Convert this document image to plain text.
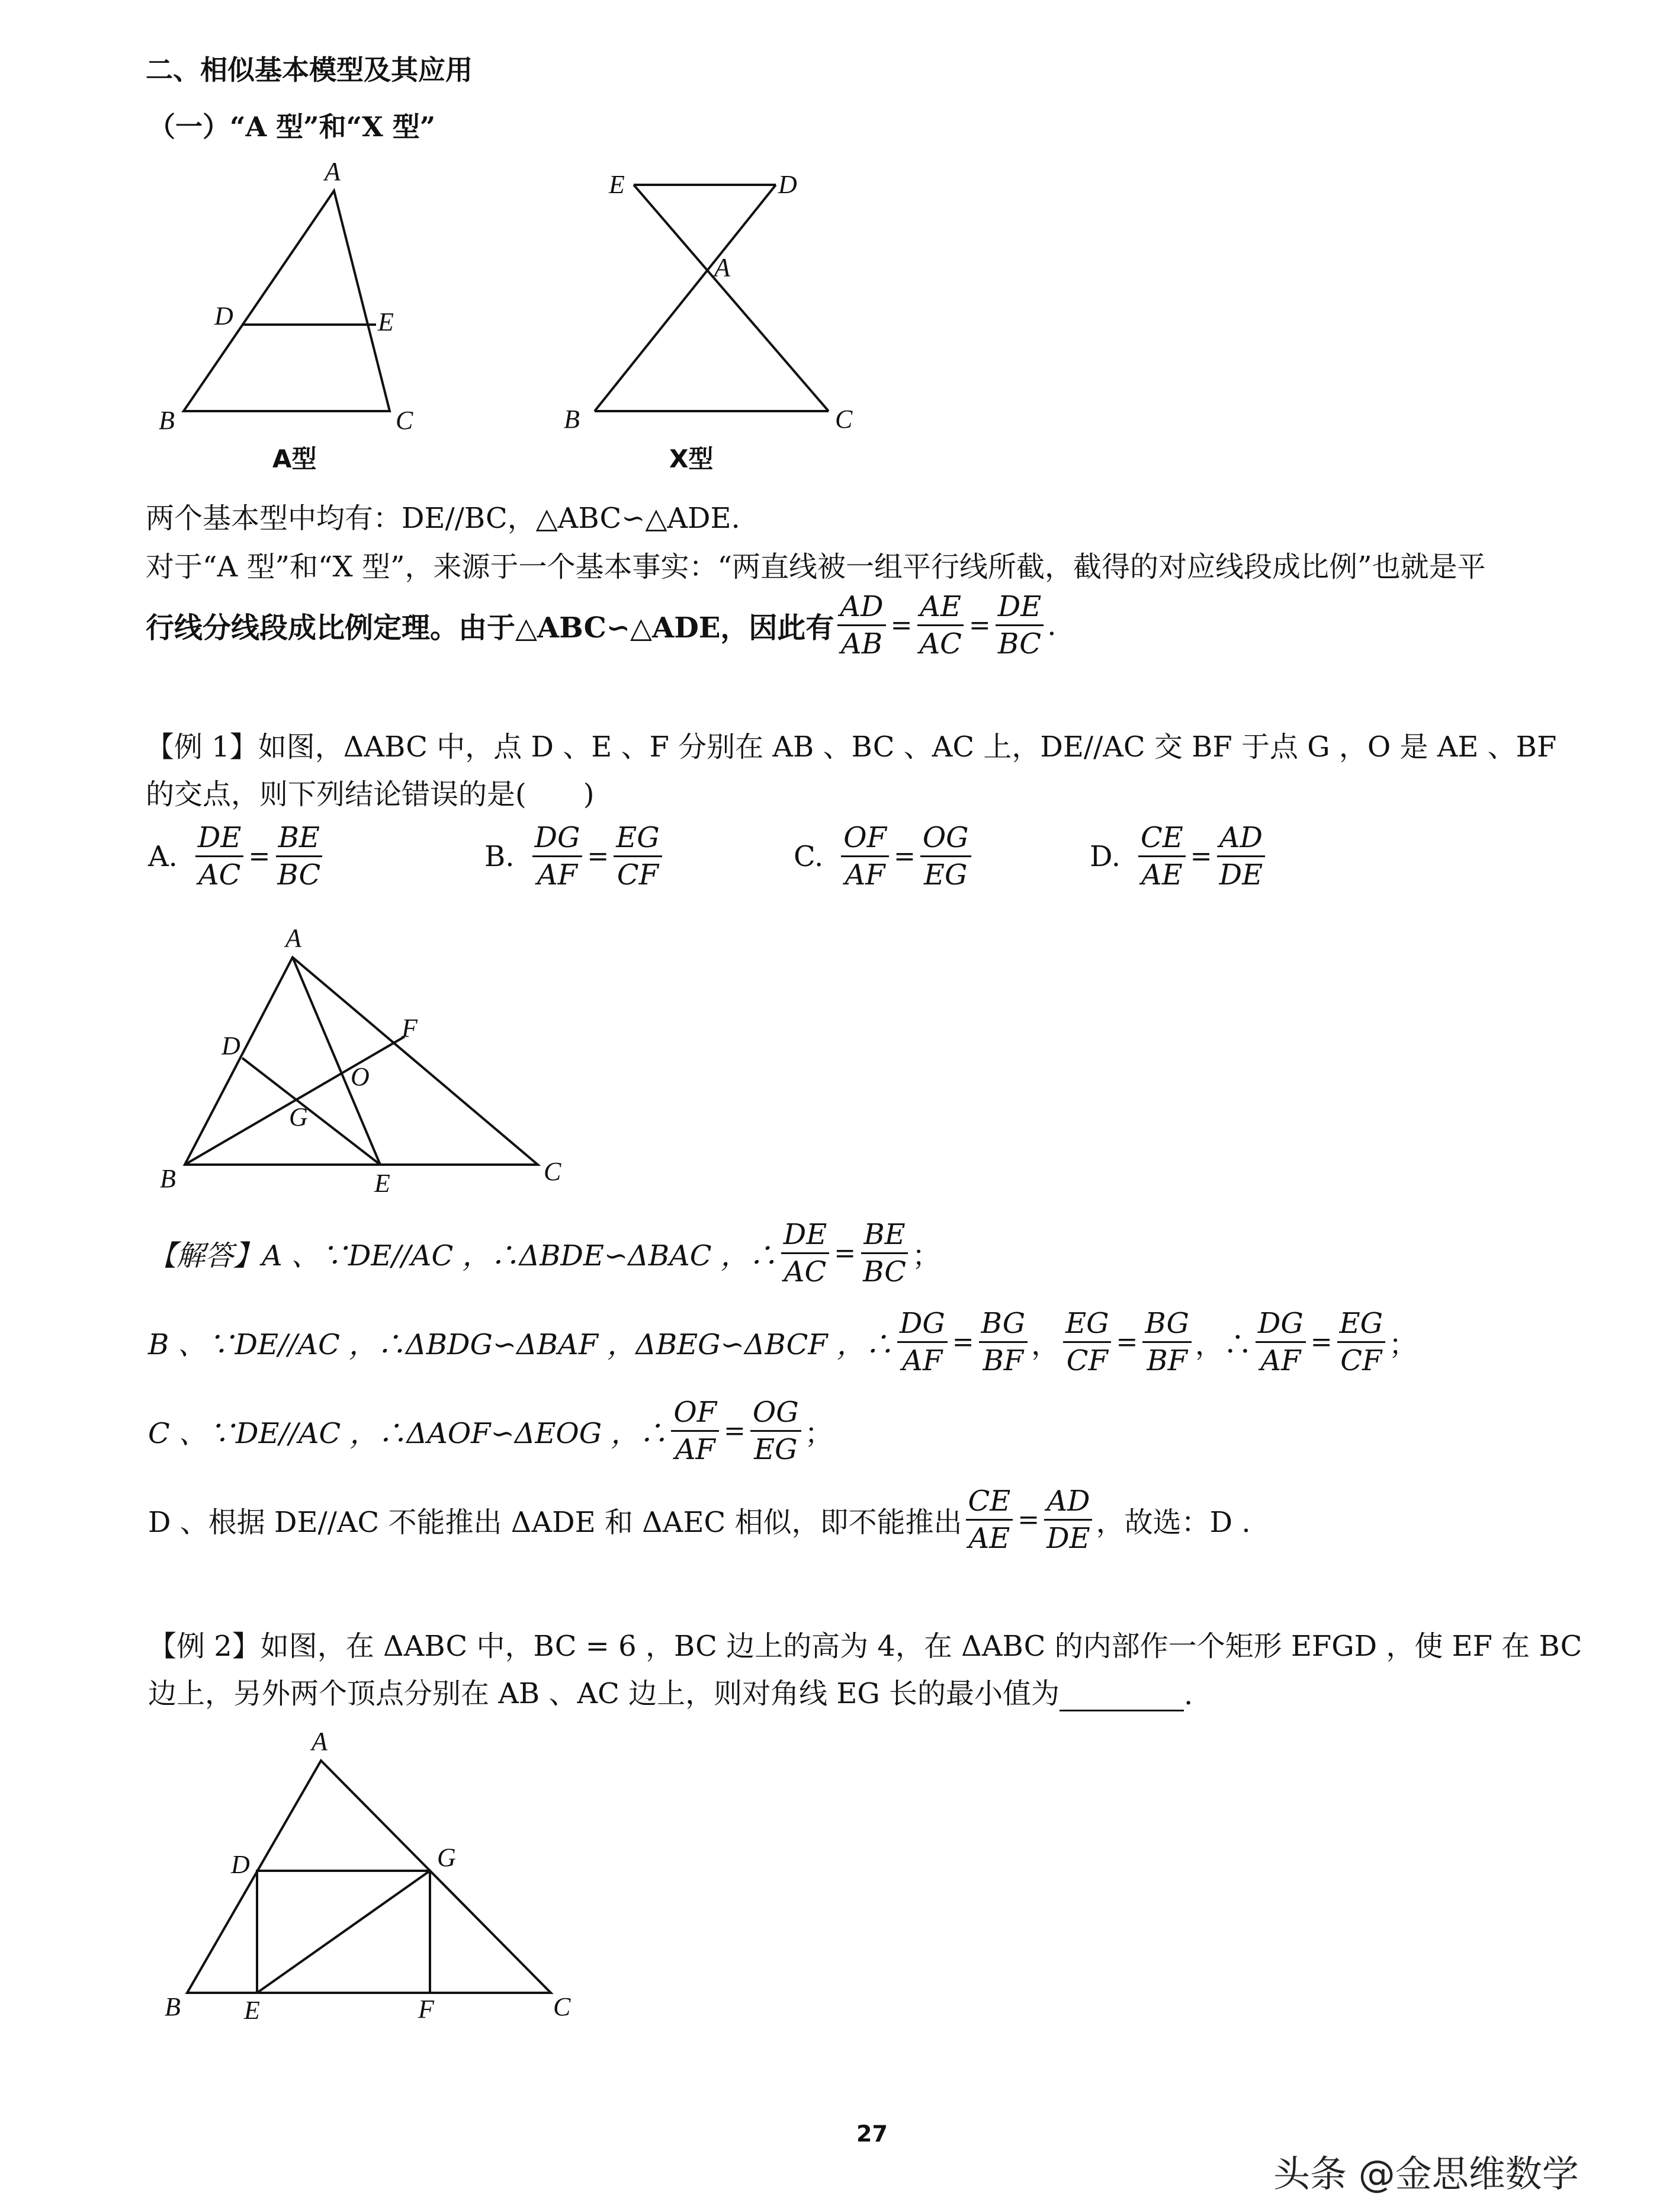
二、相似基本模型及其应用
（一）“A 型”和“X 型”
A
B	C
D	E
A型
E	D
A
B	C
X型
两个基本型中均有：DE//BC，△ABC∽△ADE.
对于“A 型”和“X 型”，来源于一个基本事实：“两直线被一组平行线所截，截得的对应线段成比例”也就是平
行线分线段成比例定理。由于△ABC∽△ADE，因此有 $\frac{AD}{AB} = \frac{AE}{AC} = \frac{DE}{BC}$ .
【例 1】如图，ΔABC 中，点 D 、E 、F 分别在 AB 、BC 、AC 上，DE//AC 交 BF 于点 G ，O 是 AE 、BF
的交点，则下列结论错误的是(　　)
A. $\frac{DE}{AC} = \frac{BE}{BC}$	B. $\frac{DG}{AF} = \frac{EG}{CF}$	C. $\frac{OF}{AF} = \frac{OG}{EG}$	D. $\frac{CE}{AE} = \frac{AD}{DE}$
A
B	C
D
E
F
G
O
【解答】A 、∵DE//AC ，∴ΔBDE∽ΔBAC ，∴ $\frac{DE}{AC} = \frac{BE}{BC}$ ；
B 、∵DE//AC ，∴ΔBDG∽ΔBAF ，ΔBEG∽ΔBCF ，∴ $\frac{DG}{AF} = \frac{BG}{BF}$ ， $\frac{EG}{CF} = \frac{BG}{BF}$ ，∴ $\frac{DG}{AF} = \frac{EG}{CF}$ ；
C 、∵DE//AC ，∴ΔAOF∽ΔEOG ，∴ $\frac{OF}{AF} = \frac{OG}{EG}$ ；
D 、根据 DE//AC 不能推出 ΔADE 和 ΔAEC 相似，即不能推出 $\frac{CE}{AE} = \frac{AD}{DE}$ ，故选：D .
【例 2】如图，在 ΔABC 中，BC = 6 ，BC 边上的高为 4，在 ΔABC 的内部作一个矩形 EFGD ，使 EF 在 BC
边上，另外两个顶点分别在 AB 、AC 边上，则对角线 EG 长的最小值为	.
A
B	C
D
E	F
G
27
头条 @金思维数学
